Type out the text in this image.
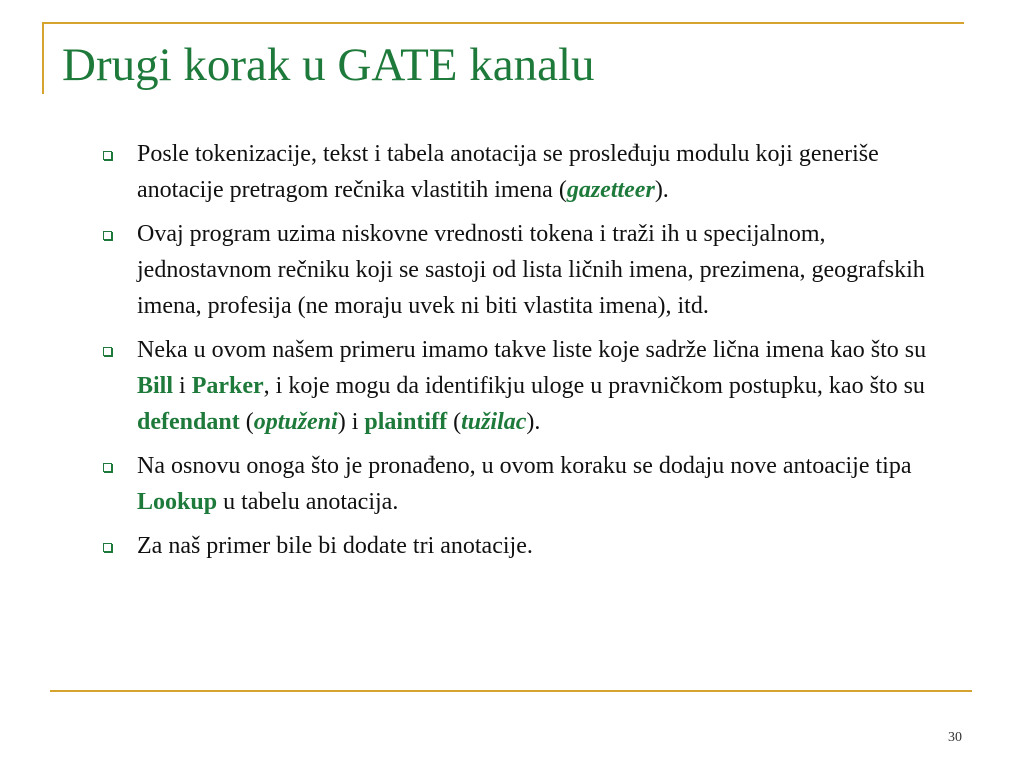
Drugi korak u GATE kanalu
Posle tokenizacije, tekst i tabela anotacija se prosleđuju modulu koji generiše anotacije pretragom rečnika vlastitih imena (gazetteer).
Ovaj program uzima niskovne vrednosti tokena i traži ih u specijalnom, jednostavnom rečniku koji se sastoji od lista ličnih imena, prezimena, geografskih imena, profesija (ne moraju uvek ni biti vlastita imena), itd.
Neka u ovom našem primeru imamo takve liste koje sadrže lična imena kao što su Bill i Parker, i koje mogu da identifikju uloge u pravničkom postupku, kao što su defendant (optuženi) i plaintiff (tužilac).
Na osnovu onoga što je pronađeno, u ovom koraku se dodaju nove antoacije tipa Lookup u tabelu anotacija.
Za naš primer bile bi dodate tri anotacije.
30
